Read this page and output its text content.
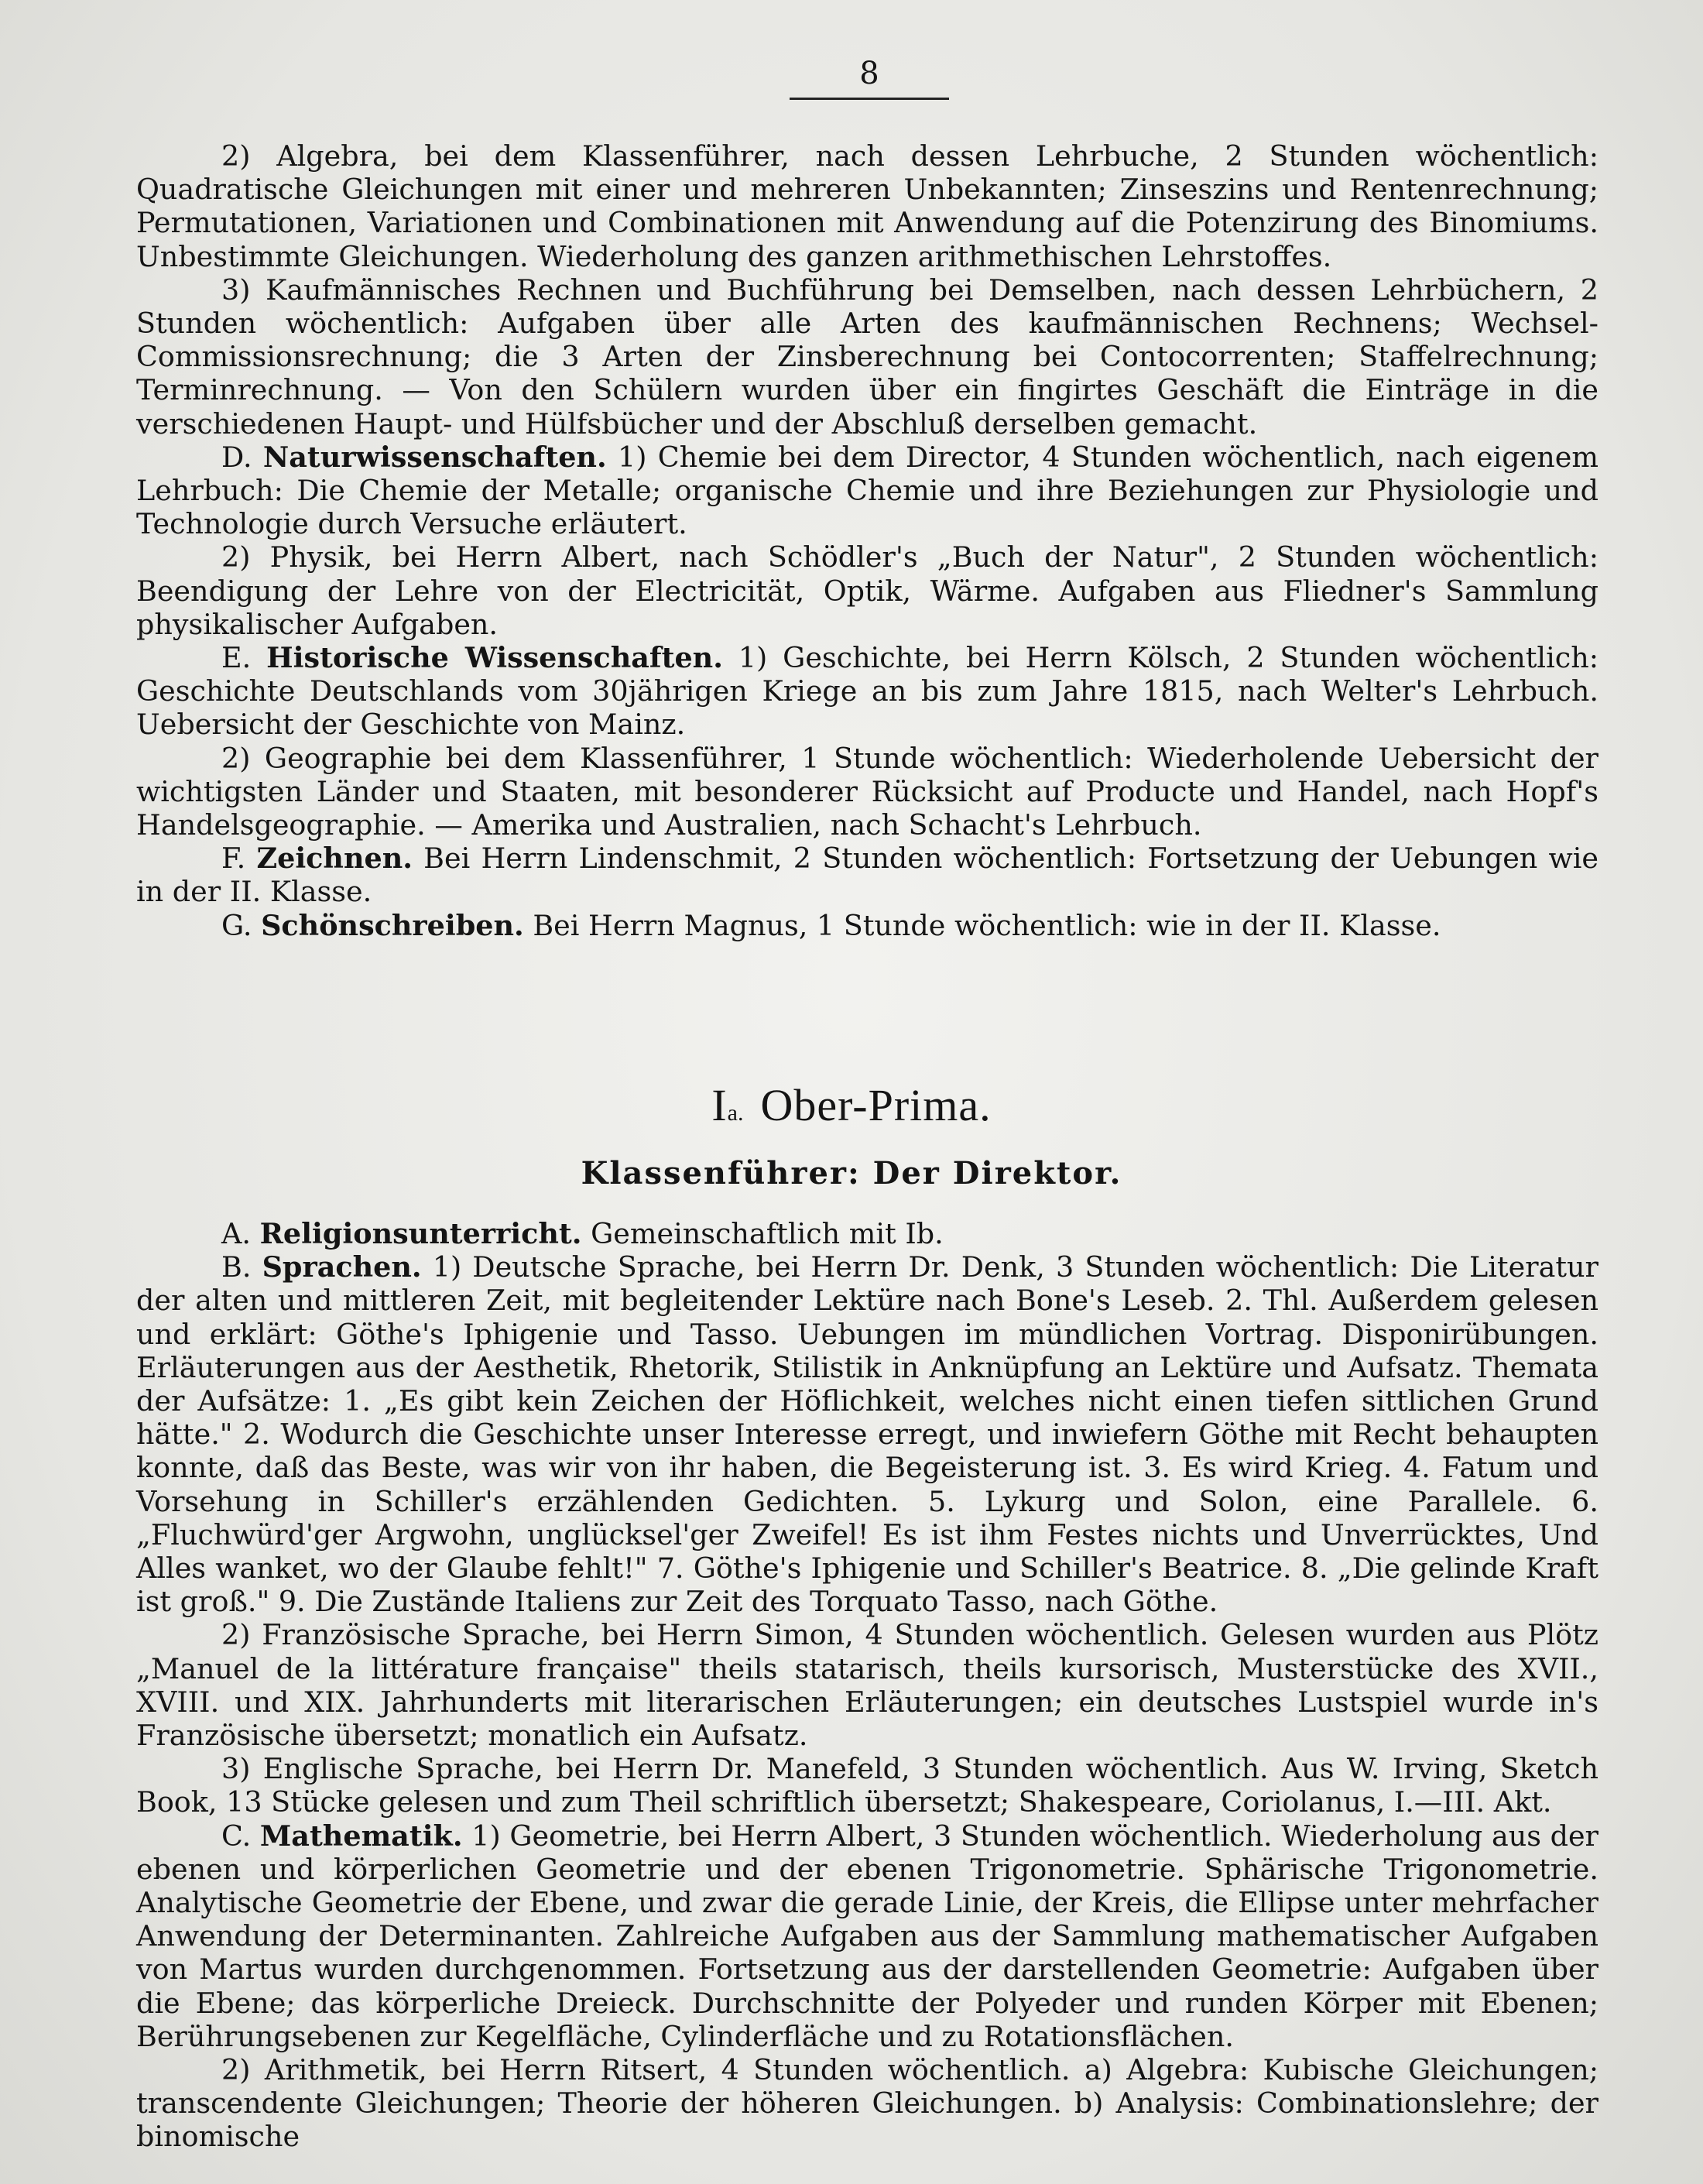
8

2) Algebra, bei dem Klassenführer, nach dessen Lehrbuche, 2 Stunden wöchentlich: Quadratische Gleichungen mit einer und mehreren Unbekannten; Zinseszins und Rentenrechnung; Permutationen, Variationen und Combinationen mit Anwendung auf die Potenzirung des Binomiums. Unbestimmte Gleichungen. Wiederholung des ganzen arithmethischen Lehrstoffes.

3) Kaufmännisches Rechnen und Buchführung bei Demselben, nach dessen Lehrbüchern, 2 Stunden wöchentlich: Aufgaben über alle Arten des kaufmännischen Rechnens; Wechsel-Commissionsrechnung; die 3 Arten der Zinsberechnung bei Contocorrenten; Staffelrechnung; Terminrechnung. — Von den Schülern wurden über ein fingirtes Geschäft die Einträge in die verschiedenen Haupt- und Hülfsbücher und der Abschluß derselben gemacht.

D. Naturwissenschaften. 1) Chemie bei dem Director, 4 Stunden wöchentlich, nach eigenem Lehrbuch: Die Chemie der Metalle; organische Chemie und ihre Beziehungen zur Physiologie und Technologie durch Versuche erläutert.

2) Physik, bei Herrn Albert, nach Schödler's „Buch der Natur", 2 Stunden wöchentlich: Beendigung der Lehre von der Electricität, Optik, Wärme. Aufgaben aus Fliedner's Sammlung physikalischer Aufgaben.

E. Historische Wissenschaften. 1) Geschichte, bei Herrn Kölsch, 2 Stunden wöchentlich: Geschichte Deutschlands vom 30jährigen Kriege an bis zum Jahre 1815, nach Welter's Lehrbuch. Uebersicht der Geschichte von Mainz.

2) Geographie bei dem Klassenführer, 1 Stunde wöchentlich: Wiederholende Uebersicht der wichtigsten Länder und Staaten, mit besonderer Rücksicht auf Producte und Handel, nach Hopf's Handelsgeographie. — Amerika und Australien, nach Schacht's Lehrbuch.

F. Zeichnen. Bei Herrn Lindenschmit, 2 Stunden wöchentlich: Fortsetzung der Uebungen wie in der II. Klasse.

G. Schönschreiben. Bei Herrn Magnus, 1 Stunde wöchentlich: wie in der II. Klasse.

Ia. Ober-Prima.
Klassenführer: Der Direktor.

A. Religionsunterricht. Gemeinschaftlich mit Ib.

B. Sprachen. 1) Deutsche Sprache, bei Herrn Dr. Denk, 3 Stunden wöchentlich: Die Literatur der alten und mittleren Zeit, mit begleitender Lektüre nach Bone's Leseb. 2. Thl. Außerdem gelesen und erklärt: Göthe's Iphigenie und Tasso. Uebungen im mündlichen Vortrag. Disponirübungen. Erläuterungen aus der Aesthetik, Rhetorik, Stilistik in Anknüpfung an Lektüre und Aufsatz. Themata der Aufsätze: 1. „Es gibt kein Zeichen der Höflichkeit, welches nicht einen tiefen sittlichen Grund hätte." 2. Wodurch die Geschichte unser Interesse erregt, und inwiefern Göthe mit Recht behaupten konnte, daß das Beste, was wir von ihr haben, die Begeisterung ist. 3. Es wird Krieg. 4. Fatum und Vorsehung in Schiller's erzählenden Gedichten. 5. Lykurg und Solon, eine Parallele. 6. „Fluchwürd'ger Argwohn, unglücksel'ger Zweifel! Es ist ihm Festes nichts und Unverrücktes, Und Alles wanket, wo der Glaube fehlt!" 7. Göthe's Iphigenie und Schiller's Beatrice. 8. „Die gelinde Kraft ist groß." 9. Die Zustände Italiens zur Zeit des Torquato Tasso, nach Göthe.

2) Französische Sprache, bei Herrn Simon, 4 Stunden wöchentlich. Gelesen wurden aus Plötz „Manuel de la littérature française" theils statarisch, theils kursorisch, Musterstücke des XVII., XVIII. und XIX. Jahrhunderts mit literarischen Erläuterungen; ein deutsches Lustspiel wurde in's Französische übersetzt; monatlich ein Aufsatz.

3) Englische Sprache, bei Herrn Dr. Manefeld, 3 Stunden wöchentlich. Aus W. Irving, Sketch Book, 13 Stücke gelesen und zum Theil schriftlich übersetzt; Shakespeare, Coriolanus, I.—III. Akt.

C. Mathematik. 1) Geometrie, bei Herrn Albert, 3 Stunden wöchentlich. Wiederholung aus der ebenen und körperlichen Geometrie und der ebenen Trigonometrie. Sphärische Trigonometrie. Analytische Geometrie der Ebene, und zwar die gerade Linie, der Kreis, die Ellipse unter mehrfacher Anwendung der Determinanten. Zahlreiche Aufgaben aus der Sammlung mathematischer Aufgaben von Martus wurden durchgenommen. Fortsetzung aus der darstellenden Geometrie: Aufgaben über die Ebene; das körperliche Dreieck. Durchschnitte der Polyeder und runden Körper mit Ebenen; Berührungsebenen zur Kegelfläche, Cylinderfläche und zu Rotationsflächen.

2) Arithmetik, bei Herrn Ritsert, 4 Stunden wöchentlich. a) Algebra: Kubische Gleichungen; transcendente Gleichungen; Theorie der höheren Gleichungen. b) Analysis: Combinationslehre; der binomische
